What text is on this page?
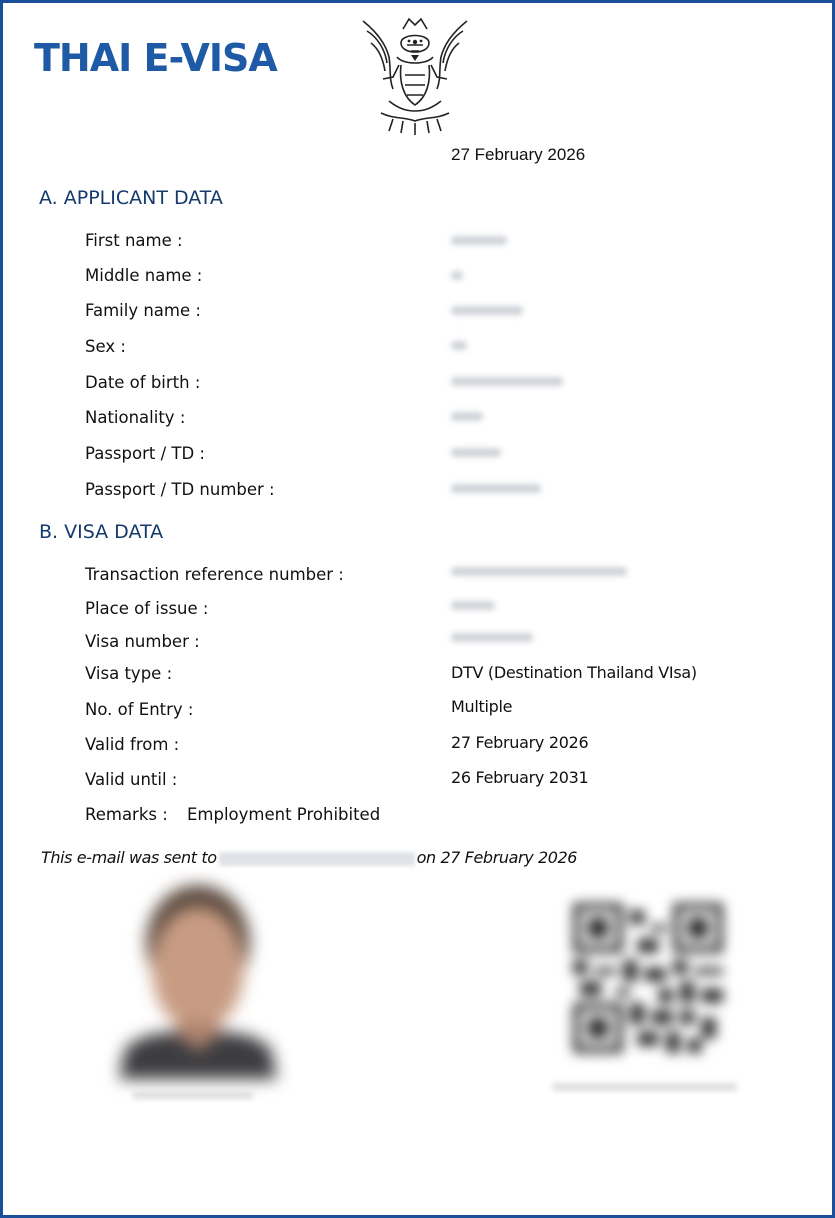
THAI E-VISA
27 February 2026
A. APPLICANT DATA
First name :
Middle name :
Family name :
Sex :
Date of birth :
Nationality :
Passport / TD :
Passport / TD number :
B. VISA DATA
Transaction reference number :
Place of issue :
Visa number :
Visa type :	DTV (Destination Thailand VIsa)
No. of Entry :	Multiple
Valid from :	27 February 2026
Valid until :	26 February 2031
Remarks : Employment Prohibited
This e-mail was sent to	on 27 February 2026
